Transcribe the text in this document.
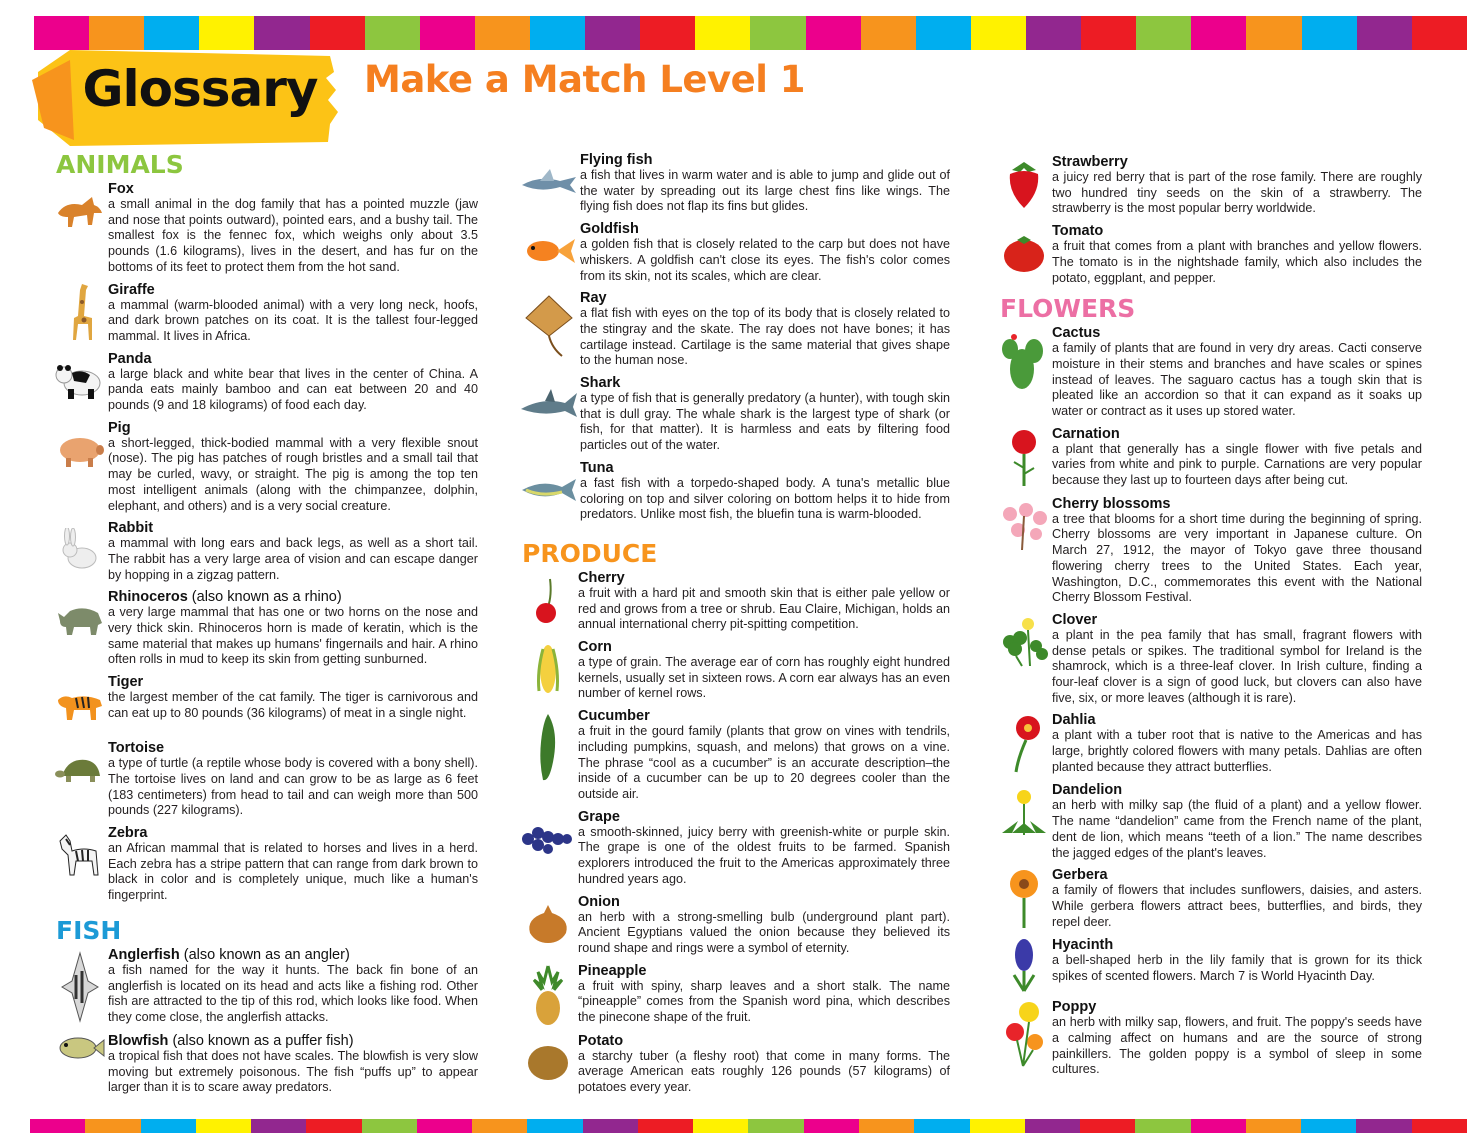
Glossary	Make a Match Level 1
ANIMALS
Fox
a small animal in the dog family that has a pointed muzzle (jaw and nose that points outward), pointed ears, and a bushy tail. The smallest fox is the fennec fox, which weighs only about 3.5 pounds (1.6 kilograms), lives in the desert, and has fur on the bottoms of its feet to protect them from the hot sand.
Giraffe
a mammal (warm-blooded animal) with a very long neck, hoofs, and dark brown patches on its coat. It is the tallest four-legged mammal. It lives in Africa.
Panda
a large black and white bear that lives in the center of China. A panda eats mainly bamboo and can eat between 20 and 40 pounds (9 and 18 kilograms) of food each day.
Pig
a short-legged, thick-bodied mammal with a very flexible snout (nose). The pig has patches of rough bristles and a small tail that may be curled, wavy, or straight. The pig is among the top ten most intelligent animals (along with the chimpanzee, dolphin, elephant, and others) and is a very social creature.
Rabbit
a mammal with long ears and back legs, as well as a short tail. The rabbit has a very large area of vision and can escape danger by hopping in a zigzag pattern.
Rhinoceros (also known as a rhino)
a very large mammal that has one or two horns on the nose and very thick skin. Rhinoceros horn is made of keratin, which is the same material that makes up humans' fingernails and hair. A rhino often rolls in mud to keep its skin from getting sunburned.
Tiger
the largest member of the cat family. The tiger is carnivorous and can eat up to 80 pounds (36 kilograms) of meat in a single night.
Tortoise
a type of turtle (a reptile whose body is covered with a bony shell). The tortoise lives on land and can grow to be as large as 6 feet (183 centimeters) from head to tail and can weigh more than 500 pounds (227 kilograms).
Zebra
an African mammal that is related to horses and lives in a herd. Each zebra has a stripe pattern that can range from dark brown to black in color and is completely unique, much like a human's fingerprint.
FISH
Anglerfish (also known as an angler)
a fish named for the way it hunts. The back fin bone of an anglerfish is located on its head and acts like a fishing rod. Other fish are attracted to the tip of this rod, which looks like food. When they come close, the anglerfish attacks.
Blowfish (also known as a puffer fish)
a tropical fish that does not have scales. The blowfish is very slow moving but extremely poisonous. The fish “puffs up” to appear larger than it is to scare away predators.
Flying fish
a fish that lives in warm water and is able to jump and glide out of the water by spreading out its large chest fins like wings. The flying fish does not flap its fins but glides.
Goldfish
a golden fish that is closely related to the carp but does not have whiskers. A goldfish can't close its eyes. The fish's color comes from its skin, not its scales, which are clear.
Ray
a flat fish with eyes on the top of its body that is closely related to the stingray and the skate. The ray does not have bones; it has cartilage instead. Cartilage is the same material that gives shape to the human nose.
Shark
a type of fish that is generally predatory (a hunter), with tough skin that is dull gray. The whale shark is the largest type of shark (or fish, for that matter). It is harmless and eats by filtering food particles out of the water.
Tuna
a fast fish with a torpedo-shaped body. A tuna's metallic blue coloring on top and silver coloring on bottom helps it to hide from predators. Unlike most fish, the bluefin tuna is warm-blooded.
PRODUCE
Cherry
a fruit with a hard pit and smooth skin that is either pale yellow or red and grows from a tree or shrub. Eau Claire, Michigan, holds an annual international cherry pit-spitting competition.
Corn
a type of grain. The average ear of corn has roughly eight hundred kernels, usually set in sixteen rows. A corn ear always has an even number of kernel rows.
Cucumber
a fruit in the gourd family (plants that grow on vines with tendrils, including pumpkins, squash, and melons) that grows on a vine. The phrase “cool as a cucumber” is an accurate description–the inside of a cucumber can be up to 20 degrees cooler than the outside air.
Grape
a smooth-skinned, juicy berry with greenish-white or purple skin. The grape is one of the oldest fruits to be farmed. Spanish explorers introduced the fruit to the Americas approximately three hundred years ago.
Onion
an herb with a strong-smelling bulb (underground plant part). Ancient Egyptians valued the onion because they believed its round shape and rings were a symbol of eternity.
Pineapple
a fruit with spiny, sharp leaves and a short stalk. The name “pineapple” comes from the Spanish word pina, which describes the pinecone shape of the fruit.
Potato
a starchy tuber (a fleshy root) that come in many forms. The average American eats roughly 126 pounds (57 kilograms) of potatoes every year.
Strawberry
a juicy red berry that is part of the rose family. There are roughly two hundred tiny seeds on the skin of a strawberry. The strawberry is the most popular berry worldwide.
Tomato
a fruit that comes from a plant with branches and yellow flowers. The tomato is in the nightshade family, which also includes the potato, eggplant, and pepper.
FLOWERS
Cactus
a family of plants that are found in very dry areas. Cacti conserve moisture in their stems and branches and have scales or spines instead of leaves. The saguaro cactus has a tough skin that is pleated like an accordion so that it can expand as it soaks up water or contract as it uses up stored water.
Carnation
a plant that generally has a single flower with five petals and varies from white and pink to purple. Carnations are very popular because they last up to fourteen days after being cut.
Cherry blossoms
a tree that blooms for a short time during the beginning of spring. Cherry blossoms are very important in Japanese culture. On March 27, 1912, the mayor of Tokyo gave three thousand flowering cherry trees to the United States. Each year, Washington, D.C., commemorates this event with the National Cherry Blossom Festival.
Clover
a plant in the pea family that has small, fragrant flowers with dense petals or spikes. The traditional symbol for Ireland is the shamrock, which is a three-leaf clover. In Irish culture, finding a four-leaf clover is a sign of good luck, but clovers can also have five, six, or more leaves (although it is rare).
Dahlia
a plant with a tuber root that is native to the Americas and has large, brightly colored flowers with many petals. Dahlias are often planted because they attract butterflies.
Dandelion
an herb with milky sap (the fluid of a plant) and a yellow flower. The name “dandelion” came from the French name of the plant, dent de lion, which means “teeth of a lion.” The name describes the jagged edges of the plant's leaves.
Gerbera
a family of flowers that includes sunflowers, daisies, and asters. While gerbera flowers attract bees, butterflies, and birds, they repel deer.
Hyacinth
a bell-shaped herb in the lily family that is grown for its thick spikes of scented flowers. March 7 is World Hyacinth Day.
Poppy
an herb with milky sap, flowers, and fruit. The poppy's seeds have a calming affect on humans and are the source of strong painkillers. The golden poppy is a symbol of sleep in some cultures.
